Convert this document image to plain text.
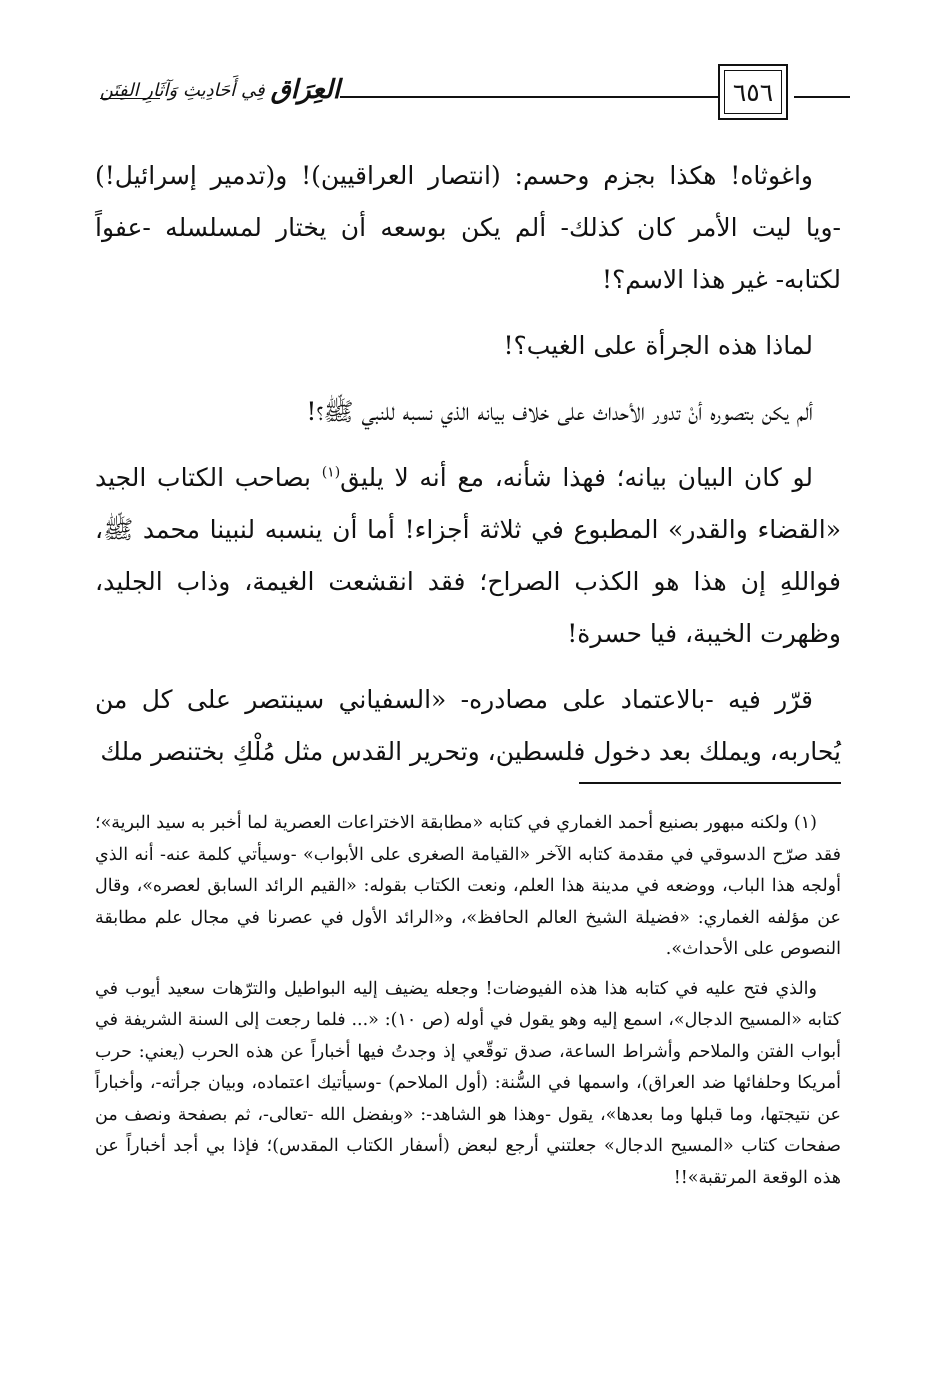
٦٥٦
العِرَاق
فِي أَحَادِيثِ وَآثَارِ الفِتَن

واغوثاه! هكذا بجزم وحسم: (انتصار العراقيين)! و(تدمير إسرائيل!) -ويا ليت الأمر كان كذلك- ألم يكن بوسعه أن يختار لمسلسله -عفواً لكتابه- غير هذا الاسم؟!

لماذا هذه الجرأة على الغيب؟!

ألم يكن بتصوره أنْ تدور الأحداث على خلاف بيانه الذي نسبه للنبي ﷺ؟!

لو كان البيان بيانه؛ فهذا شأنه، مع أنه لا يليق$^{(١)}$ بصاحب الكتاب الجيد «القضاء والقدر» المطبوع في ثلاثة أجزاء! أما أن ينسبه لنبينا محمد ﷺ، فواللهِ إن هذا هو الكذب الصراح؛ فقد انقشعت الغيمة، وذاب الجليد، وظهرت الخيبة، فيا حسرة!

قرّر فيه -بالاعتماد على مصادره- «السفياني سينتصر على كل من يُحاربه، ويملك بعد دخول فلسطين، وتحرير القدس مثل مُلْكِ بختنصر ملك

(١) ولكنه مبهور بصنيع أحمد الغماري في كتابه «مطابقة الاختراعات العصرية لما أخبر به سيد البرية»؛ فقد صرّح الدسوقي في مقدمة كتابه الآخر «القيامة الصغرى على الأبواب» -وسيأتي كلمة عنه- أنه الذي أولجه هذا الباب، ووضعه في مدينة هذا العلم، ونعت الكتاب بقوله: «القيم الرائد السابق لعصره»، وقال عن مؤلفه الغماري: «فضيلة الشيخ العالم الحافظ»، و«الرائد الأول في عصرنا في مجال علم مطابقة النصوص على الأحداث».

والذي فتح عليه في كتابه هذا هذه الفيوضات! وجعله يضيف إليه البواطيل والترّهات سعيد أيوب في كتابه «المسيح الدجال»، اسمع إليه وهو يقول في أوله (ص ١٠): «... فلما رجعت إلى السنة الشريفة في أبواب الفتن والملاحم وأشراط الساعة، صدق توقّعي إذ وجدتُ فيها أخباراً عن هذه الحرب (يعني: حرب أمريكا وحلفائها ضد العراق)، واسمها في السُّنة: (أول الملاحم) -وسيأتيك اعتماده، وبيان جرأته-، وأخباراً عن نتيجتها، وما قبلها وما بعدها»، يقول -وهذا هو الشاهد-: «وبفضل الله -تعالى-، ثم بصفحة ونصف من صفحات كتاب «المسيح الدجال» جعلتني أرجع لبعض (أسفار الكتاب المقدس)؛ فإذا بي أجد أخباراً عن هذه الوقعة المرتقبة»!!
